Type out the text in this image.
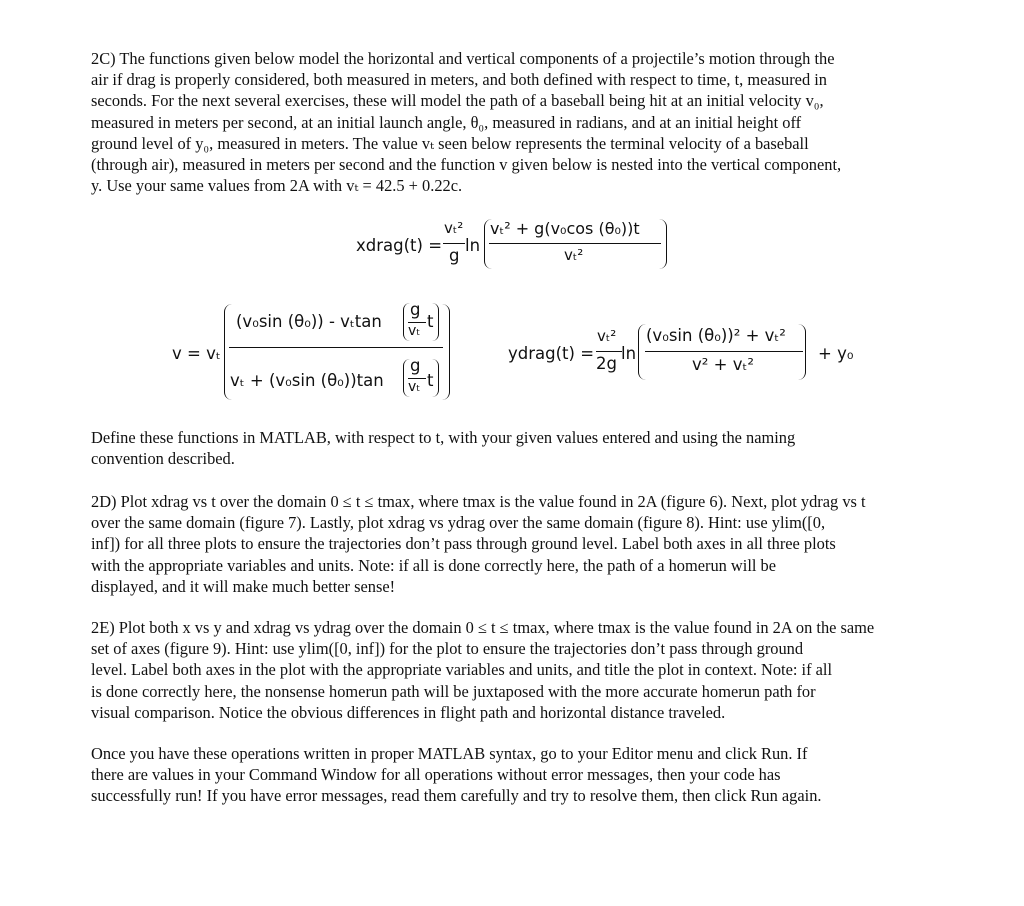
2C) The functions given below model the horizontal and vertical components of a projectile’s motion through the

air if drag is properly considered, both measured in meters, and both defined with respect to time, t, measured in

seconds. For the next several exercises, these will model the path of a baseball being hit at an initial velocity v₀,

measured in meters per second, at an initial launch angle, θ₀, measured in radians, and at an initial height off

ground level of y₀, measured in meters. The value vₜ seen below represents the terminal velocity of a baseball

(through air), measured in meters per second and the function v given below is nested into the vertical component,

y. Use your same values from 2A with vₜ = 42.5 + 0.22c.

xdrag(t) =
vₜ²
g
ln
vₜ² + g(v₀cos (θ₀))t
vₜ²
v = vₜ
(v₀sin (θ₀)) - vₜtan
g
vₜ t
vₜ + (v₀sin (θ₀))tan
g
vₜ t
ydrag(t) =
vₜ²
2g
ln
(v₀sin (θ₀))² + vₜ²
v² + vₜ²
+ y₀

Define these functions in MATLAB, with respect to t, with your given values entered and using the naming

convention described.

2D) Plot xdrag vs t over the domain 0 ≤ t ≤ tmax, where tmax is the value found in 2A (figure 6). Next, plot ydrag vs t

over the same domain (figure 7). Lastly, plot xdrag vs ydrag over the same domain (figure 8). Hint: use ylim([0,

inf]) for all three plots to ensure the trajectories don’t pass through ground level. Label both axes in all three plots

with the appropriate variables and units. Note: if all is done correctly here, the path of a homerun will be

displayed, and it will make much better sense!

2E) Plot both x vs y and xdrag vs ydrag over the domain 0 ≤ t ≤ tmax, where tmax is the value found in 2A on the same

set of axes (figure 9). Hint: use ylim([0, inf]) for the plot to ensure the trajectories don’t pass through ground

level. Label both axes in the plot with the appropriate variables and units, and title the plot in context. Note: if all

is done correctly here, the nonsense homerun path will be juxtaposed with the more accurate homerun path for

visual comparison. Notice the obvious differences in flight path and horizontal distance traveled.

Once you have these operations written in proper MATLAB syntax, go to your Editor menu and click Run. If

there are values in your Command Window for all operations without error messages, then your code has

successfully run! If you have error messages, read them carefully and try to resolve them, then click Run again.
